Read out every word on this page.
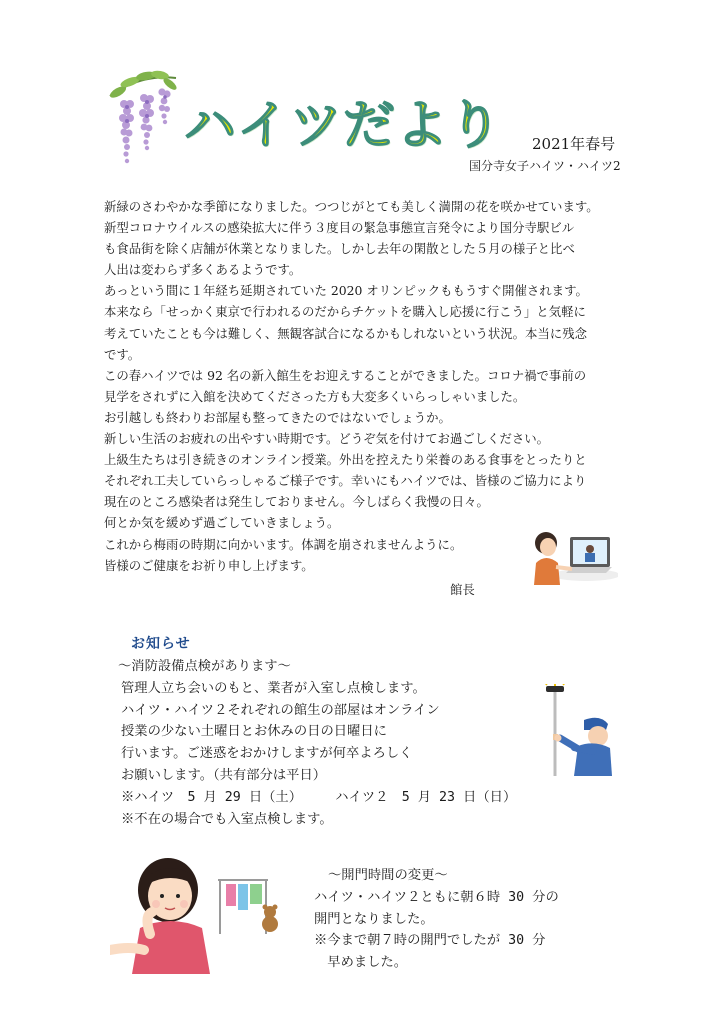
ハイツだより 2021年春号
国分寺女子ハイツ・ハイツ2
新緑のさわやかな季節になりました。つつじがとても美しく満開の花を咲かせています。
新型コロナウイルスの感染拡大に伴う３度目の緊急事態宣言発令により国分寺駅ビル
も食品街を除く店舗が休業となりました。しかし去年の閑散とした５月の様子と比べ
人出は変わらず多くあるようです。
あっという間に１年経ち延期されていた 2020 オリンピックももうすぐ開催されます。
本来なら「せっかく東京で行われるのだからチケットを購入し応援に行こう」と気軽に
考えていたことも今は難しく、無観客試合になるかもしれないという状況。本当に残念
です。
この春ハイツでは 92 名の新入館生をお迎えすることができました。コロナ禍で事前の
見学をされずに入館を決めてくださった方も大変多くいらっしゃいました。
お引越しも終わりお部屋も整ってきたのではないでしょうか。
新しい生活のお疲れの出やすい時期です。どうぞ気を付けてお過ごしください。
上級生たちは引き続きのオンライン授業。外出を控えたり栄養のある食事をとったりと
それぞれ工夫していらっしゃるご様子です。幸いにもハイツでは、皆様のご協力により
現在のところ感染者は発生しておりません。今しばらく我慢の日々。
何とか気を緩めず過ごしていきましょう。
これから梅雨の時期に向かいます。体調を崩されませんように。
皆様のご健康をお祈り申し上げます。
館長
お知らせ
～消防設備点検があります～
管理人立ち会いのもと、業者が入室し点検します。
ハイツ・ハイツ２それぞれの館生の部屋はオンライン
授業の少ない土曜日とお休みの日の日曜日に
行います。ご迷惑をおかけしますが何卒よろしく
お願いします。（共有部分は平日）
※ハイツ　5 月 29 日（土）　　　ハイツ２　5 月 23 日（日）
※不在の場合でも入室点検します。
～開門時間の変更～
ハイツ・ハイツ２ともに朝６時 30 分の
開門となりました。
※今まで朝７時の開門でしたが 30 分
　早めました。
